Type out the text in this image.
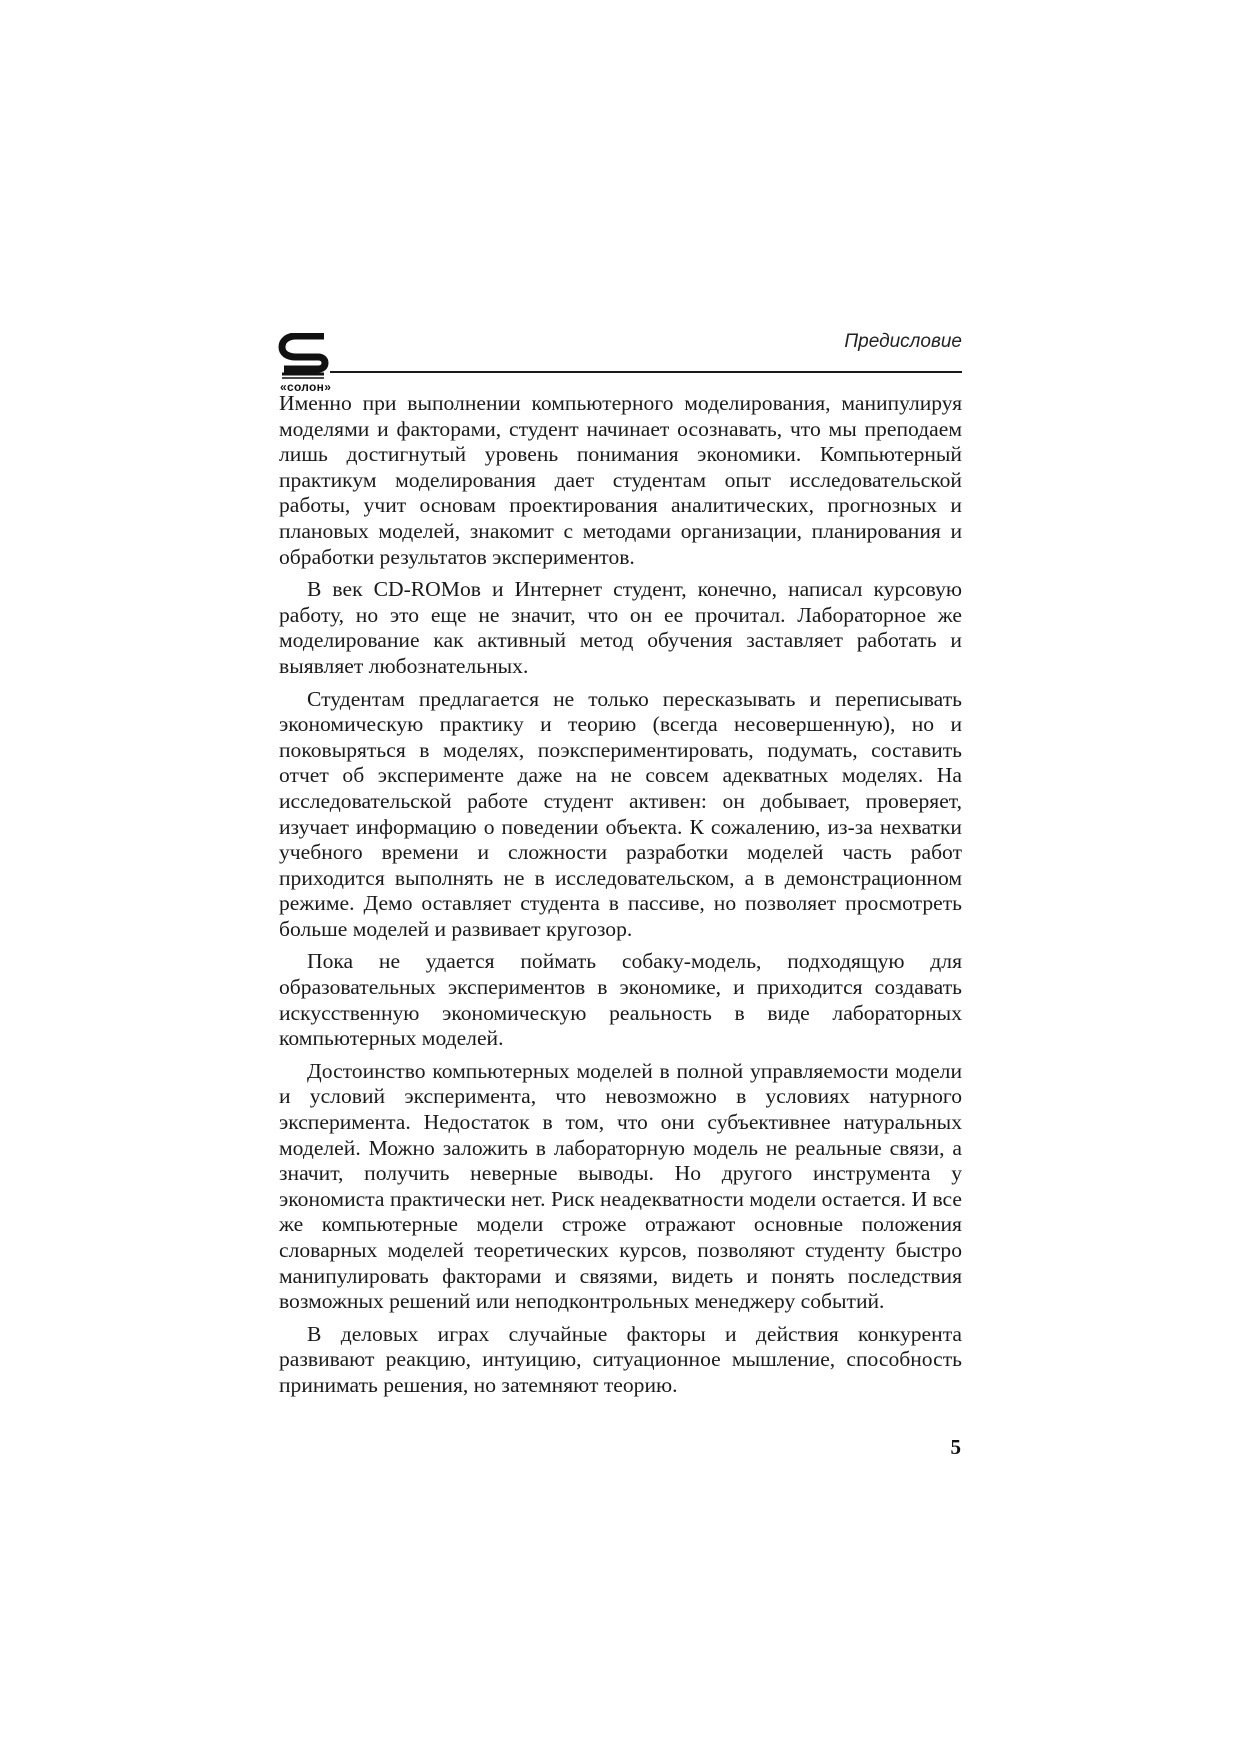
«солон»
Предисловие

Именно при выполнении компьютерного моделирования, манипулируя моделями и факторами, студент начинает осознавать, что мы преподаем лишь достигнутый уровень понимания экономики. Компьютерный практикум моделирования дает студентам опыт исследовательской работы, учит основам проектирования аналитических, прогнозных и плановых моделей, знакомит с методами организации, планирования и обработки результатов экспериментов.

В век CD-ROMов и Интернет студент, конечно, написал курсовую работу, но это еще не значит, что он ее прочитал. Лабораторное же моделирование как активный метод обучения заставляет работать и выявляет любознательных.

Студентам предлагается не только пересказывать и переписывать экономическую практику и теорию (всегда несовершенную), но и поковыряться в моделях, поэкспериментировать, подумать, составить отчет об эксперименте даже на не совсем адекватных моделях. На исследовательской работе студент активен: он добывает, проверяет, изучает информацию о поведении объекта. К сожалению, из-за нехватки учебного времени и сложности разработки моделей часть работ приходится выполнять не в исследовательском, а в демонстрационном режиме. Демо оставляет студента в пассиве, но позволяет просмотреть больше моделей и развивает кругозор.

Пока не удается поймать собаку-модель, подходящую для образовательных экспериментов в экономике, и приходится создавать искусственную экономическую реальность в виде лабораторных компьютерных моделей.

Достоинство компьютерных моделей в полной управляемости модели и условий эксперимента, что невозможно в условиях натурного эксперимента. Недостаток в том, что они субъективнее натуральных моделей. Можно заложить в лабораторную модель не реальные связи, а значит, получить неверные выводы. Но другого инструмента у экономиста практически нет. Риск неадекватности модели остается. И все же компьютерные модели строже отражают основные положения словарных моделей теоретических курсов, позволяют студенту быстро манипулировать факторами и связями, видеть и понять последствия возможных решений или неподконтрольных менеджеру событий.

В деловых играх случайные факторы и действия конкурента развивают реакцию, интуицию, ситуационное мышление, способность принимать решения, но затемняют теорию.

5
